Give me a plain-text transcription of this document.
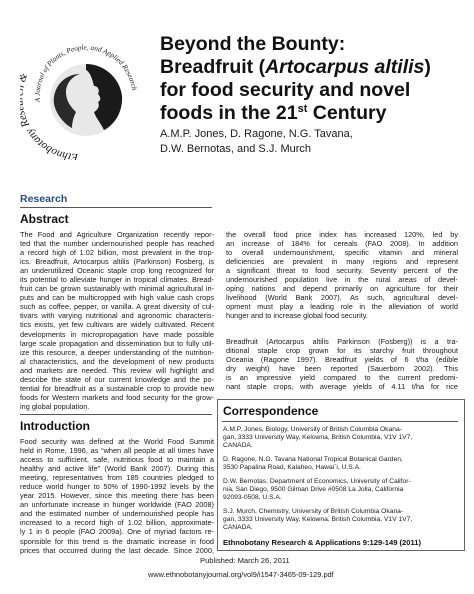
A Journal of Plants, People, and Applied Research
Ethnobotany
Beyond the Bounty:
Breadfruit (Artocarpus altilis)
for food security and novel
foods in the 21st Century
A.M.P. Jones, D. Ragone, N.G. Tavana,
D.W. Bernotas, and S.J. Murch
Research
Abstract
The Food and Agriculture Organization recently repor-
ted that the number undernourished people has reached
a record high of 1.02 billion, most prevalent in the trop-
ics. Breadfruit, Artocarpus altilis (Parkinson) Fosberg, is
an underutilized Oceanic staple crop long recognized for
its potential to alleviate hunger in tropical climates. Bread-
fruit can be grown sustainably with minimal agricultural in-
puts and can be multicropped with high value cash crops
such as coffee, pepper, or vanilla. A great diversity of cul-
tivars with varying nutritional and agronomic characteris-
tics exists, yet few cultivars are widely cultivated. Recent
developments in micropropagation have made possible
large scale propagation and dissemination but to fully util-
ize this resource, a deeper understanding of the nutrition-
al characteristics, and the development of new products
and markets are needed. This review will highlight and
describe the state of our current knowledge and the po-
tential for breadfruit as a sustainable crop to provide new
foods for Western markets and food security for the grow-
ing global population.
Introduction
Food security was defined at the World Food Summit
held in Rome, 1996, as “when all people at all times have
access to sufficient, safe, nutritious food to maintain a
healthy and active life” (World Bank 2007). During this
meeting, representatives from 185 countries pledged to
reduce world hunger to 50% of 1990-1992 levels by the
year 2015. However, since this meeting there has been
an unfortunate increase in hunger worldwide (FAO 2008)
and the estimated number of undernourished people has
increased to a record high of 1.02 billion, approximate-
ly 1 in 6 people (FAO 2009a). One of myriad factors re-
sponsible for this trend is the dramatic increase in food
prices that occurred during the last decade. Since 2000,
the overall food price index has increased 120%, led by
an increase of 184% for cereals (FAO 2008). In addition
to overall undernourishment, specific vitamin and mineral
deficiencies are prevalent in many regions and represent
a significant threat to food security. Seventy percent of the
undernourished population live in the rural areas of devel-
oping nations and depend primarily on agriculture for their
livelihood (World Bank 2007). As such, agricultural devel-
opment must play a leading role in the alleviation of world
hunger and to increase global food security.
Breadfruit (Artocarpus altilis Parkinson (Fosberg)) is a tra-
ditional staple crop grown for its starchy fruit throughout
Oceania (Ragone 1997). Breadfruit yields of 6 t/ha (edible
dry weight) have been reported (Sauerborn 2002). This
is an impressive yield compared to the current predomi-
nant staple crops, with average yields of 4.11 t/ha for rice
Correspondence
A.M.P. Jones, Biology, University of British Columbia Okana-
gan, 3333 University Way, Kelowna, British Columbia, V1V 1V7,
CANADA.
D. Ragone, N.G. Tavana National Tropical Botanical Garden,
3530 Papalina Road, Kalaheo, Hawai`i, U.S.A.
D.W. Bernotas, Department of Economics, University of Califor-
nia, San Diego, 9500 Gilman Drive #0508 La Jolla, California
92093-0508, U.S.A.
S.J. Murch, Chemistry, University of British Columbia Okana-
gan, 3333 University Way, Kelowna, British Columbia, V1V 1V7,
CANADA.
Ethnobotany Research & Applications 9:129-149 (2011)
Published: March 26, 2011
www.ethnobotanyjournal.org/vol9/i1547-3465-09-129.pdf
